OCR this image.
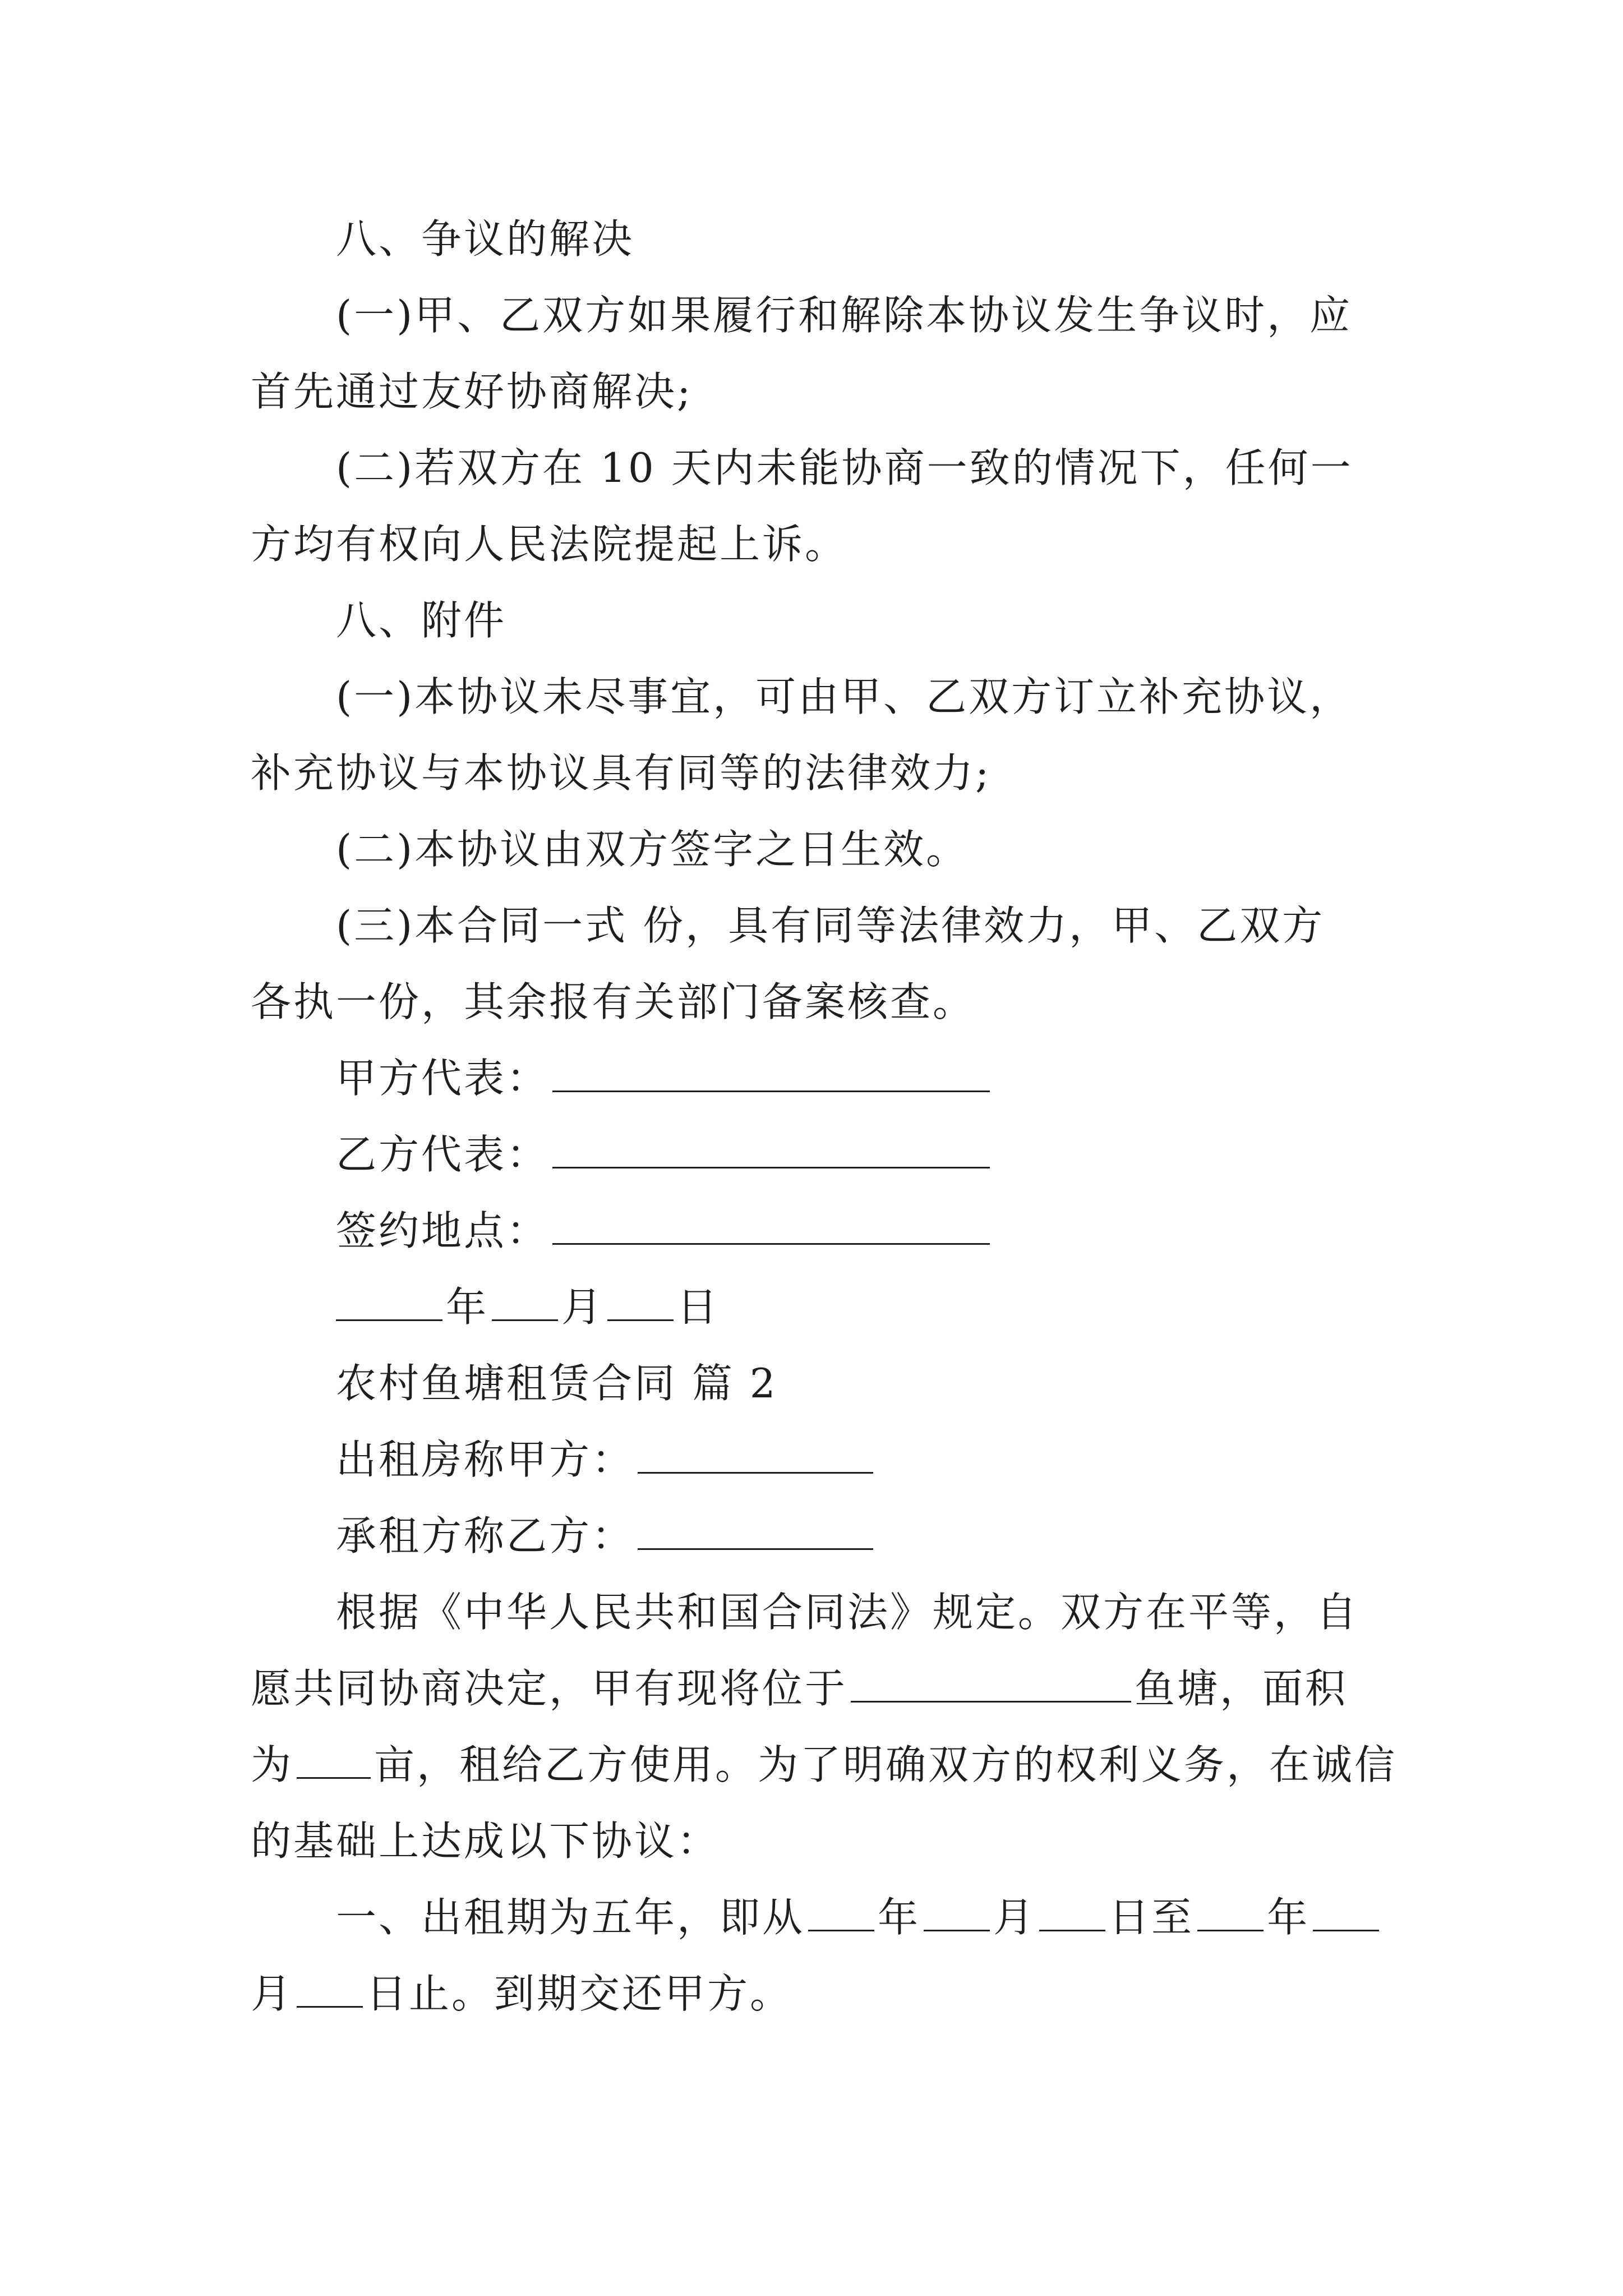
八、争议的解决
(一)甲、乙双方如果履行和解除本协议发生争议时，应
首先通过友好协商解决;
(二)若双方在 10 天内未能协商一致的情况下，任何一
方均有权向人民法院提起上诉。
八、附件
(一)本协议未尽事宜，可由甲、乙双方订立补充协议，
补充协议与本协议具有同等的法律效力;
(二)本协议由双方签字之日生效。
(三)本合同一式 份，具有同等法律效力，甲、乙双方
各执一份，其余报有关部门备案核查。
甲方代表：
乙方代表：
签约地点：
年 月 日
农村鱼塘租赁合同 篇 2
出租房称甲方：
承租方称乙方：
根据《中华人民共和国合同法》规定。双方在平等，自
愿共同协商决定，甲有现将位于	鱼塘，面积
为 亩，租给乙方使用。为了明确双方的权利义务，在诚信
的基础上达成以下协议：
一、出租期为五年，即从 年 月 日至 年
月 日止。到期交还甲方。
